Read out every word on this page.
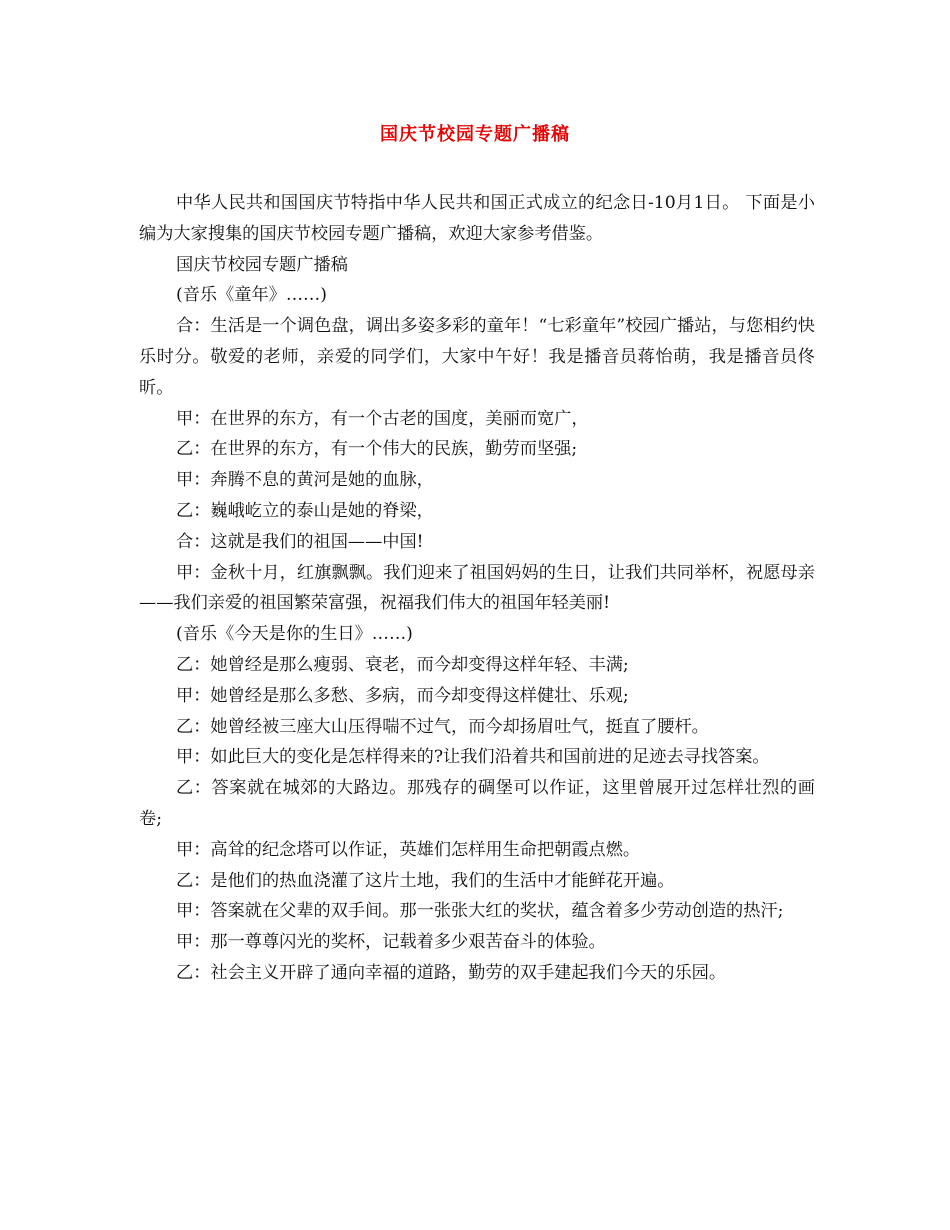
国庆节校园专题广播稿

中华人民共和国国庆节特指中华人民共和国正式成立的纪念日-10月1日。 下面是小编为大家搜集的国庆节校园专题广播稿，欢迎大家参考借鉴。

国庆节校园专题广播稿

(音乐《童年》……)

合：生活是一个调色盘，调出多姿多彩的童年！“七彩童年”校园广播站，与您相约快乐时分。敬爱的老师，亲爱的同学们，大家中午好！我是播音员蒋怡萌，我是播音员佟昕。

甲：在世界的东方，有一个古老的国度，美丽而宽广，

乙：在世界的东方，有一个伟大的民族，勤劳而坚强;

甲：奔腾不息的黄河是她的血脉，

乙：巍峨屹立的泰山是她的脊梁，

合：这就是我们的祖国——中国!

甲：金秋十月，红旗飘飘。我们迎来了祖国妈妈的生日，让我们共同举杯，祝愿母亲——我们亲爱的祖国繁荣富强，祝福我们伟大的祖国年轻美丽!

(音乐《今天是你的生日》……)

乙：她曾经是那么瘦弱、衰老，而今却变得这样年轻、丰满;

甲：她曾经是那么多愁、多病，而今却变得这样健壮、乐观;

乙：她曾经被三座大山压得喘不过气，而今却扬眉吐气，挺直了腰杆。

甲：如此巨大的变化是怎样得来的?让我们沿着共和国前进的足迹去寻找答案。

乙：答案就在城郊的大路边。那残存的碉堡可以作证，这里曾展开过怎样壮烈的画卷;

甲：高耸的纪念塔可以作证，英雄们怎样用生命把朝霞点燃。

乙：是他们的热血浇灌了这片土地，我们的生活中才能鲜花开遍。

甲：答案就在父辈的双手间。那一张张大红的奖状，蕴含着多少劳动创造的热汗;

甲：那一尊尊闪光的奖杯，记载着多少艰苦奋斗的体验。

乙：社会主义开辟了通向幸福的道路，勤劳的双手建起我们今天的乐园。
